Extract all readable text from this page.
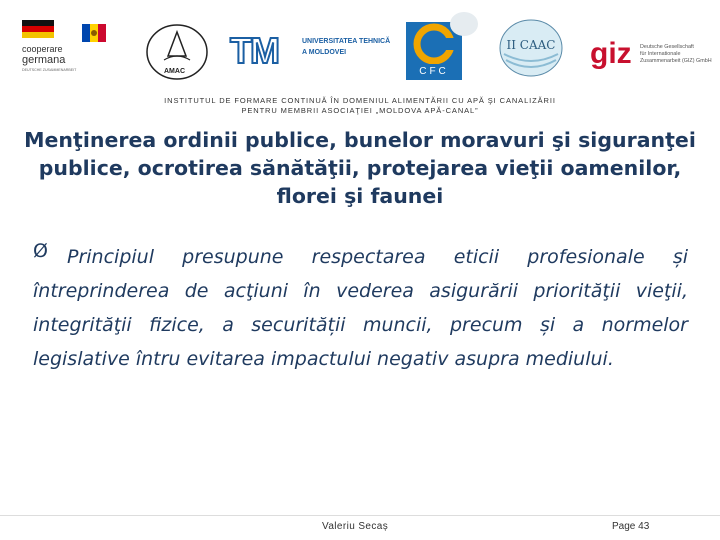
cooperare
germana
DEUTSCHE ZUSAMMENARBEIT	AMAC
TM	UNIVERSITATEA TEHNICĂ
A MOLDOVEI
CFC
II CAAC giz Deutsche Gesellschaft
für Internationale
Zusammenarbeit (GIZ) GmbH
INSTITUTUL DE FORMARE CONTINUĂ ÎN DOMENIUL ALIMENTĂRII CU APĂ ŞI CANALIZĂRII
PENTRU MEMBRII ASOCIAŢIEI „MOLDOVA APĂ-CANAL”
Menţinerea ordinii publice, bunelor moravuri şi siguranţei publice, ocrotirea sănătăţii, protejarea vieţii oamenilor, florei şi faunei
Ø	Principiul presupune respectarea eticii profesionale și întreprinderea de acţiuni în vederea asigurării priorităţii vieţii, integrităţii fizice, a securității muncii, precum și a normelor legislative întru evitarea impactului negativ asupra mediului.

Valeriu Secaș	Page 43
